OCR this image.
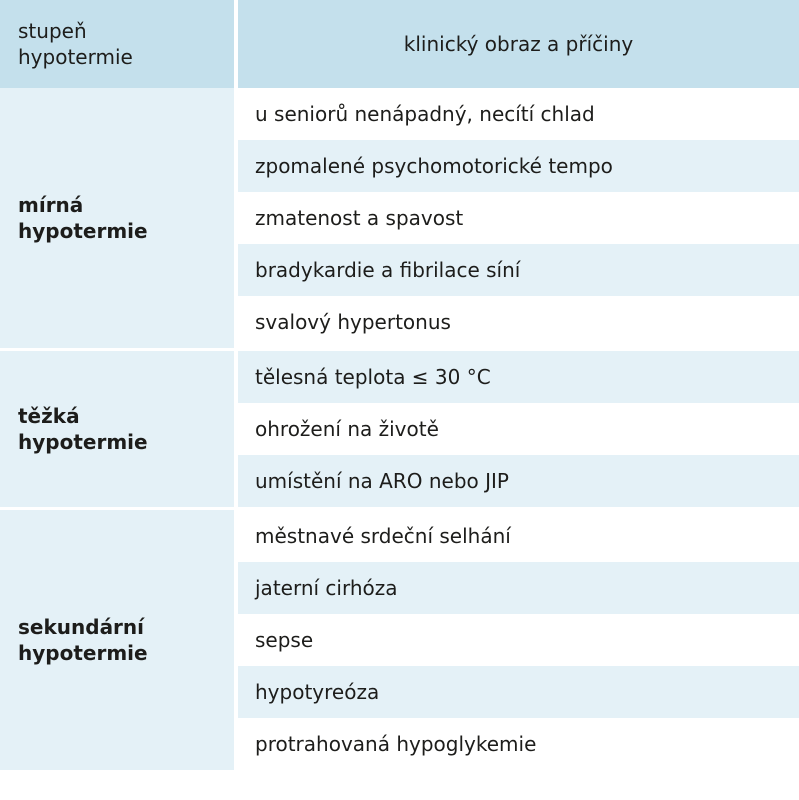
stupeň
hypotermie	klinický obraz a příčiny

mírná
hypotermie	u seniorů nenápadný, necítí chlad
	zpomalené psychomotorické tempo
	zmatenost a spavost
	bradykardie a fibrilace síní
	svalový hypertonus

těžká
hypotermie	tělesná teplota ≤ 30 °C
	ohrožení na životě
	umístění na ARO nebo JIP

sekundární
hypotermie	městnavé srdeční selhání
	jaterní cirhóza
	sepse
	hypotyreóza
	protrahovaná hypoglykemie
